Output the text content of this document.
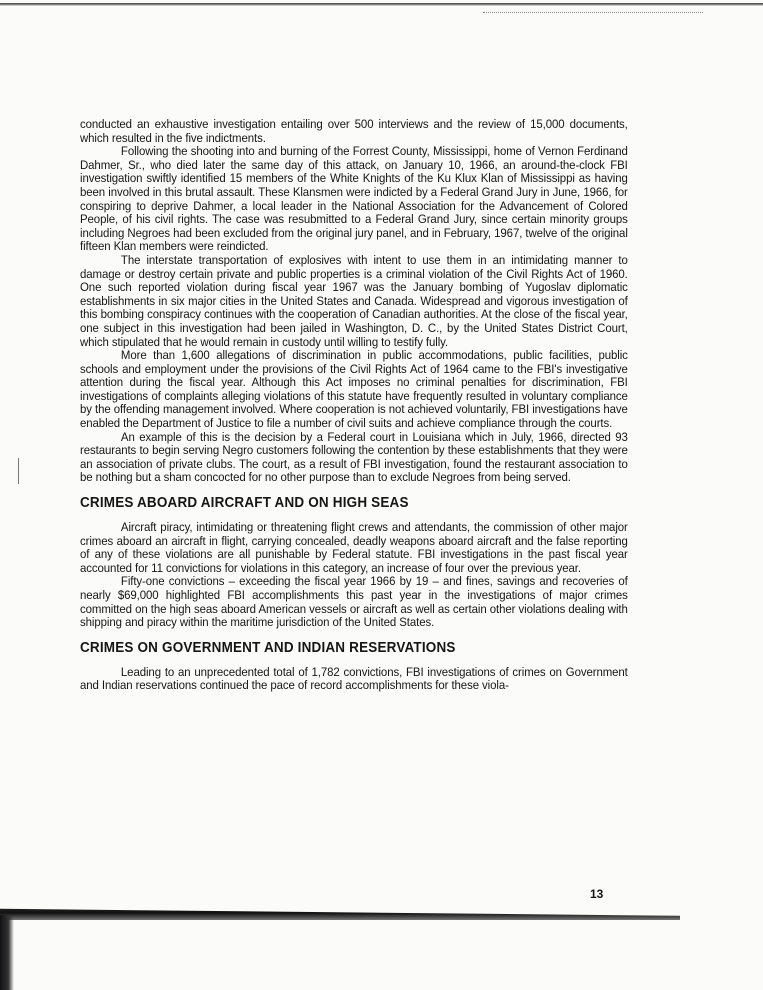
conducted an exhaustive investigation entailing over 500 interviews and the review of 15,000 documents, which resulted in the five indictments.

Following the shooting into and burning of the Forrest County, Mississippi, home of Vernon Ferdinand Dahmer, Sr., who died later the same day of this attack, on January 10, 1966, an around-the-clock FBI investigation swiftly identified 15 members of the White Knights of the Ku Klux Klan of Mississippi as having been involved in this brutal assault. These Klansmen were indicted by a Federal Grand Jury in June, 1966, for conspiring to deprive Dahmer, a local leader in the National Association for the Advancement of Colored People, of his civil rights. The case was resubmitted to a Federal Grand Jury, since certain minority groups including Negroes had been excluded from the original jury panel, and in February, 1967, twelve of the original fifteen Klan members were reindicted.

The interstate transportation of explosives with intent to use them in an intimidating manner to damage or destroy certain private and public properties is a criminal violation of the Civil Rights Act of 1960. One such reported violation during fiscal year 1967 was the January bombing of Yugoslav diplomatic establishments in six major cities in the United States and Canada. Widespread and vigorous investigation of this bombing conspiracy continues with the cooperation of Canadian authorities. At the close of the fiscal year, one subject in this investigation had been jailed in Washington, D. C., by the United States District Court, which stipulated that he would remain in custody until willing to testify fully.

More than 1,600 allegations of discrimination in public accommodations, public facilities, public schools and employment under the provisions of the Civil Rights Act of 1964 came to the FBI's investigative attention during the fiscal year. Although this Act imposes no criminal penalties for discrimination, FBI investigations of complaints alleging violations of this statute have frequently resulted in voluntary compliance by the offending management involved. Where cooperation is not achieved voluntarily, FBI investigations have enabled the Department of Justice to file a number of civil suits and achieve compliance through the courts.

An example of this is the decision by a Federal court in Louisiana which in July, 1966, directed 93 restaurants to begin serving Negro customers following the contention by these establishments that they were an association of private clubs. The court, as a result of FBI investigation, found the restaurant association to be nothing but a sham concocted for no other purpose than to exclude Negroes from being served.

CRIMES ABOARD AIRCRAFT AND ON HIGH SEAS

Aircraft piracy, intimidating or threatening flight crews and attendants, the commission of other major crimes aboard an aircraft in flight, carrying concealed, deadly weapons aboard aircraft and the false reporting of any of these violations are all punishable by Federal statute. FBI investigations in the past fiscal year accounted for 11 convictions for violations in this category, an increase of four over the previous year.

Fifty-one convictions – exceeding the fiscal year 1966 by 19 – and fines, savings and recoveries of nearly $69,000 highlighted FBI accomplishments this past year in the investigations of major crimes committed on the high seas aboard American vessels or aircraft as well as certain other violations dealing with shipping and piracy within the maritime jurisdiction of the United States.

CRIMES ON GOVERNMENT AND INDIAN RESERVATIONS

Leading to an unprecedented total of 1,782 convictions, FBI investigations of crimes on Government and Indian reservations continued the pace of record accomplishments for these viola-

13
